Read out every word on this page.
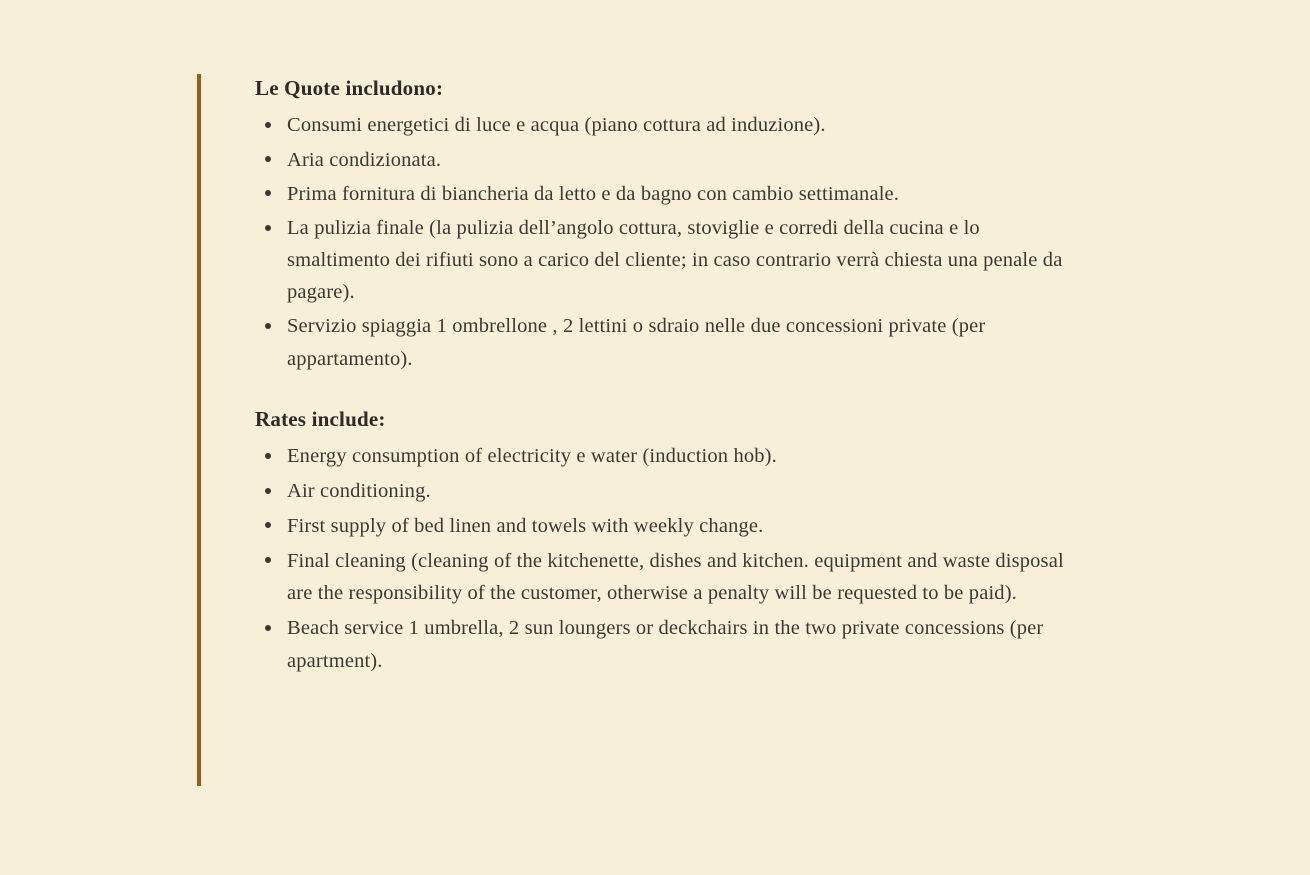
Le Quote includono:
Consumi energetici di luce e acqua (piano cottura ad induzione).
Aria condizionata.
Prima fornitura di biancheria da letto e da bagno con cambio settimanale.
La pulizia finale (la pulizia dell’angolo cottura, stoviglie e corredi della cucina e lo smaltimento dei rifiuti sono a carico del cliente; in caso contrario verrà chiesta una penale da pagare).
Servizio spiaggia 1 ombrellone , 2 lettini o sdraio nelle due concessioni private (per appartamento).
Rates include:
Energy consumption of electricity e water (induction hob).
Air conditioning.
First supply of bed linen and towels with weekly change.
Final cleaning (cleaning of the kitchenette, dishes and kitchen. equipment and waste disposal are the responsibility of the customer, otherwise a penalty will be requested to be paid).
Beach service 1 umbrella, 2 sun loungers or deckchairs in the two private concessions (per apartment).
